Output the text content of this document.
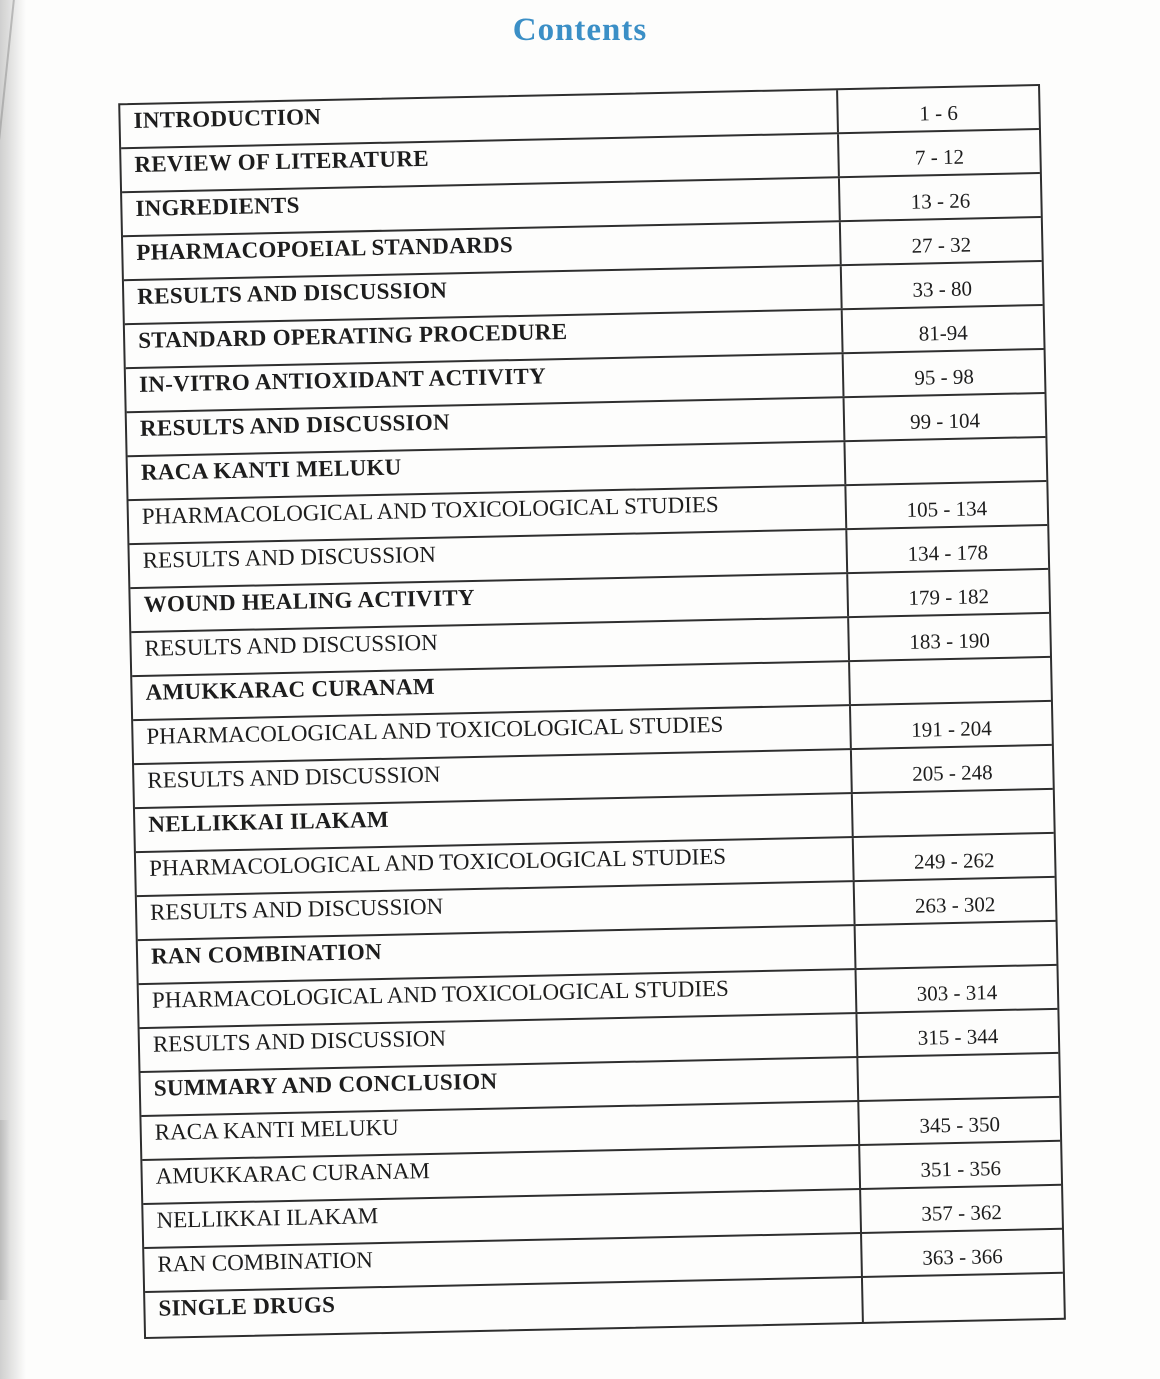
Contents
INTRODUCTION	1 - 6
REVIEW OF LITERATURE	7 - 12
INGREDIENTS	13 - 26
PHARMACOPOEIAL STANDARDS	27 - 32
RESULTS AND DISCUSSION	33 - 80
STANDARD OPERATING PROCEDURE	81-94
IN-VITRO ANTIOXIDANT ACTIVITY	95 - 98
RESULTS AND DISCUSSION	99 - 104
RACA KANTI MELUKU
PHARMACOLOGICAL AND TOXICOLOGICAL STUDIES	105 - 134
RESULTS AND DISCUSSION	134 - 178
WOUND HEALING ACTIVITY	179 - 182
RESULTS AND DISCUSSION	183 - 190
AMUKKARAC CURANAM
PHARMACOLOGICAL AND TOXICOLOGICAL STUDIES	191 - 204
RESULTS AND DISCUSSION	205 - 248
NELLIKKAI ILAKAM
PHARMACOLOGICAL AND TOXICOLOGICAL STUDIES	249 - 262
RESULTS AND DISCUSSION	263 - 302
RAN COMBINATION
PHARMACOLOGICAL AND TOXICOLOGICAL STUDIES	303 - 314
RESULTS AND DISCUSSION	315 - 344
SUMMARY AND CONCLUSION
RACA KANTI MELUKU	345 - 350
AMUKKARAC CURANAM	351 - 356
NELLIKKAI ILAKAM	357 - 362
RAN COMBINATION	363 - 366
SINGLE DRUGS
